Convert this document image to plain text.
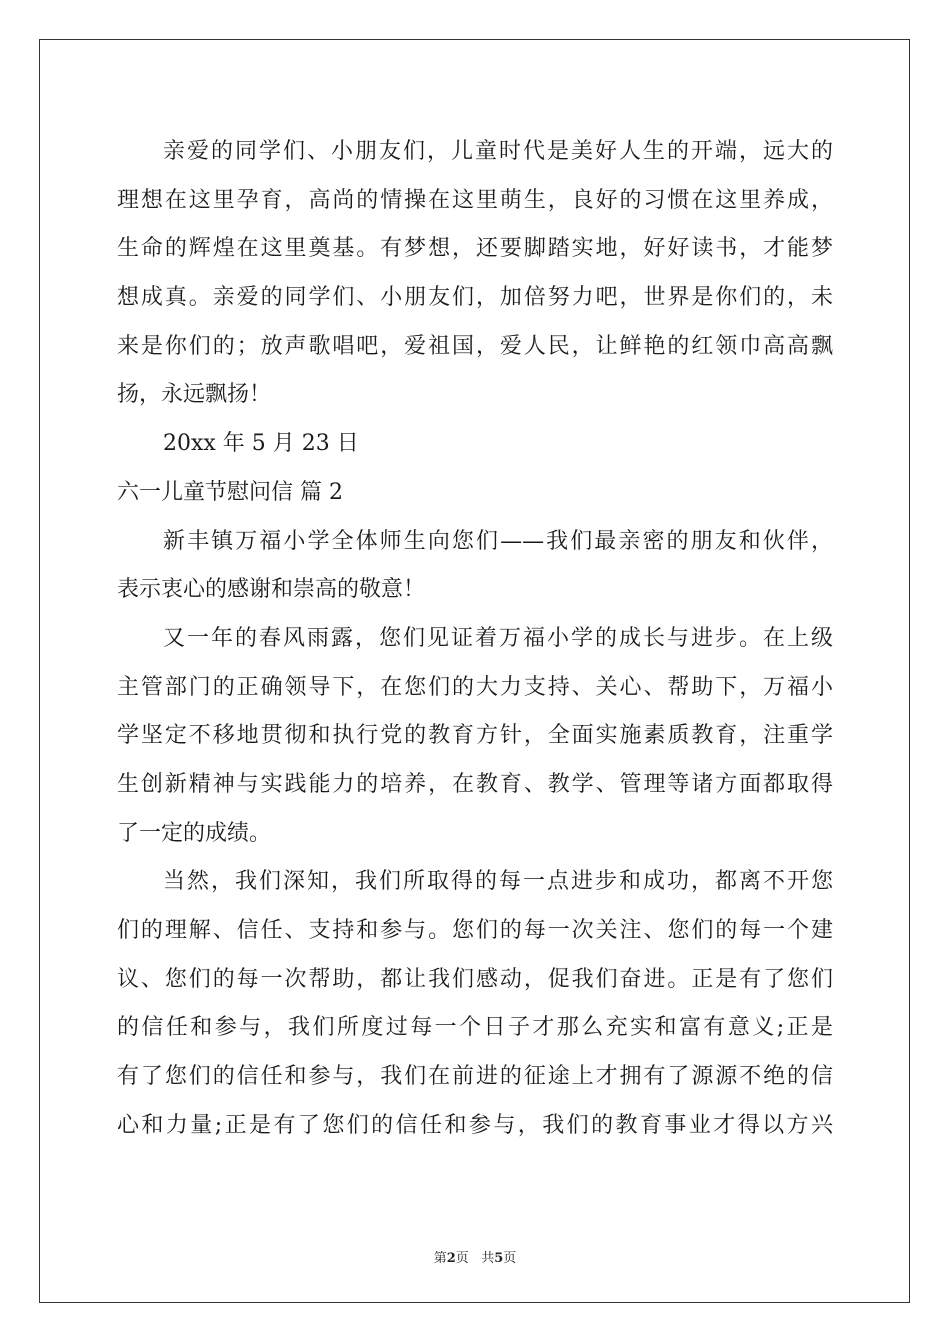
亲爱的同学们、小朋友们，儿童时代是美好人生的开端，远大的
理想在这里孕育，高尚的情操在这里萌生，良好的习惯在这里养成，
生命的辉煌在这里奠基。有梦想，还要脚踏实地，好好读书，才能梦
想成真。亲爱的同学们、小朋友们，加倍努力吧，世界是你们的，未
来是你们的；放声歌唱吧，爱祖国，爱人民，让鲜艳的红领巾高高飘
扬，永远飘扬！
20xx 年 5 月 23 日
六一儿童节慰问信 篇 2
新丰镇万福小学全体师生向您们——我们最亲密的朋友和伙伴，
表示衷心的感谢和崇高的敬意！
又一年的春风雨露，您们见证着万福小学的成长与进步。在上级
主管部门的正确领导下，在您们的大力支持、关心、帮助下，万福小
学坚定不移地贯彻和执行党的教育方针，全面实施素质教育，注重学
生创新精神与实践能力的培养，在教育、教学、管理等诸方面都取得
了一定的成绩。
当然，我们深知，我们所取得的每一点进步和成功，都离不开您
们的理解、信任、支持和参与。您们的每一次关注、您们的每一个建
议、您们的每一次帮助，都让我们感动，促我们奋进。正是有了您们
的信任和参与，我们所度过每一个日子才那么充实和富有意义;正是
有了您们的信任和参与，我们在前进的征途上才拥有了源源不绝的信
心和力量;正是有了您们的信任和参与，我们的教育事业才得以方兴
第2页 共5页
